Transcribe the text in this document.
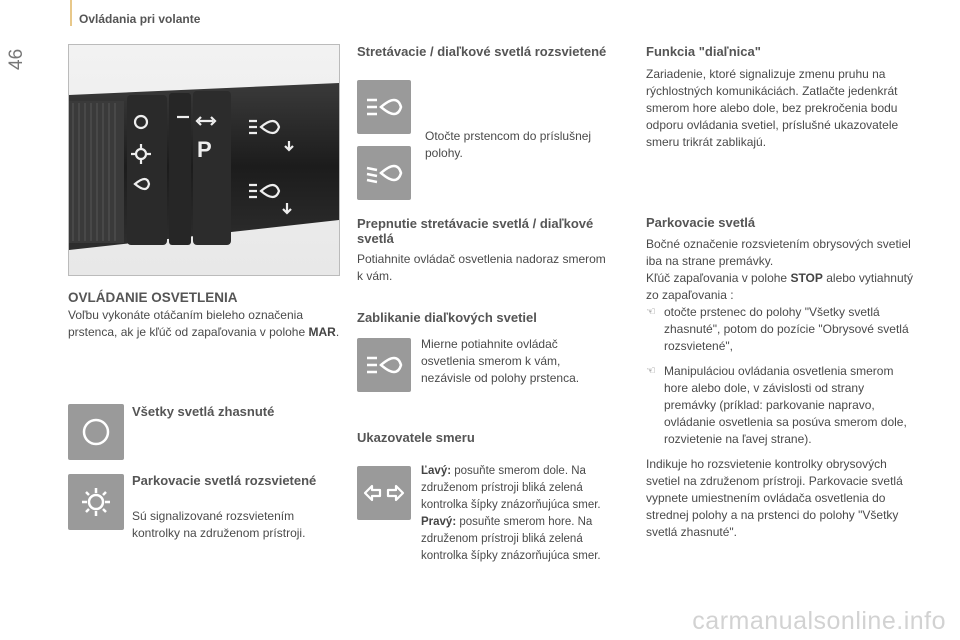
46
Ovládania pri volante
P
OVLÁDANIE OSVETLENIA
Voľbu vykonáte otáčaním bieleho označenia prstenca, ak je kľúč od zapaľovania v polohe MAR.
Všetky svetlá zhasnuté
Parkovacie svetlá rozsvietené
Sú signalizované rozsvietením kontrolky na združenom prístroji.
Stretávacie / diaľkové svetlá rozsvietené
Otočte prstencom do príslušnej polohy.
Prepnutie stretávacie svetlá / diaľkové svetlá
Potiahnite ovládač osvetlenia nadoraz smerom k vám.
Zablikanie diaľkových svetiel
Mierne potiahnite ovládač osvetlenia smerom k vám, nezávisle od polohy prstenca.
Ukazovatele smeru
Ľavý: posuňte smerom dole. Na združenom prístroji bliká zelená kontrolka šípky znázorňujúca smer. Pravý: posuňte smerom hore. Na združenom prístroji bliká zelená kontrolka šípky znázorňujúca smer.
Funkcia "diaľnica"
Zariadenie, ktoré signalizuje zmenu pruhu na rýchlostných komunikáciách. Zatlačte jedenkrát smerom hore alebo dole, bez prekročenia bodu odporu ovládania svetiel, príslušné ukazovatele smeru trikrát zablikajú.
Parkovacie svetlá
Bočné označenie rozsvietením obrysových svetiel iba na strane premávky.
Kľúč zapaľovania v polohe STOP alebo vytiahnutý zo zapaľovania :
☜ otočte prstenec do polohy "Všetky svetlá zhasnuté", potom do pozície "Obrysové svetlá rozsvietené",
☜ Manipuláciou ovládania osvetlenia smerom hore alebo dole, v závislosti od strany premávky (príklad: parkovanie napravo, ovládanie osvetlenia sa posúva smerom dole, rozvietenie na ľavej strane).
Indikuje ho rozsvietenie kontrolky obrysových svetiel na združenom prístroji. Parkovacie svetlá vypnete umiestnením ovládača osvetlenia do strednej polohy a na prstenci do polohy "Všetky svetlá zhasnuté".
carmanualsonline.info
